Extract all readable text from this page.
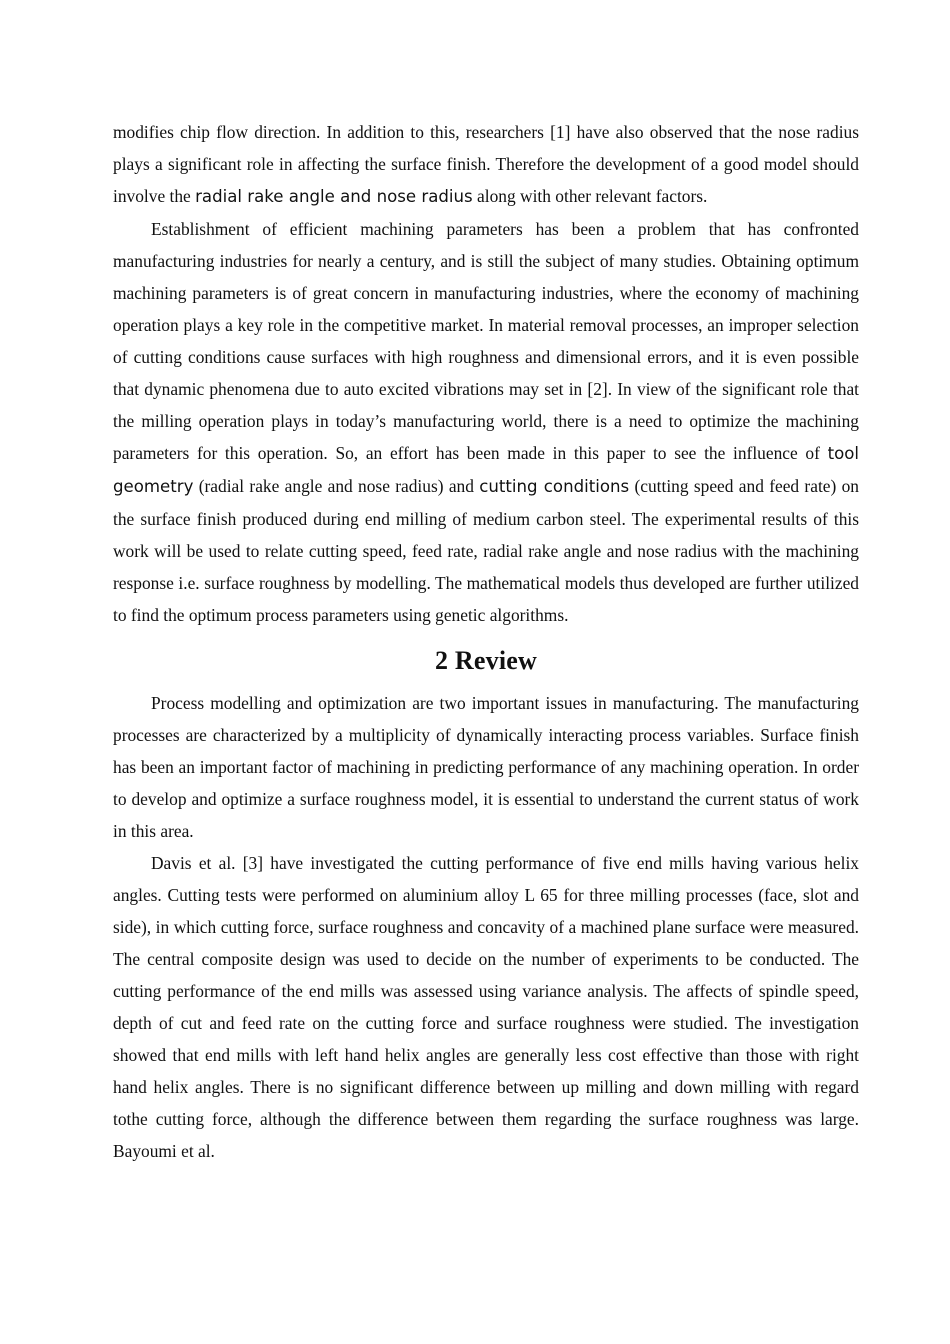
modifies chip flow direction. In addition to this, researchers [1] have also observed that the nose radius plays a significant role in affecting the surface finish. Therefore the development of a good model should involve the radial rake angle and nose radius along with other relevant factors.

Establishment of efficient machining parameters has been a problem that has confronted manufacturing industries for nearly a century, and is still the subject of many studies. Obtaining optimum machining parameters is of great concern in manufacturing industries, where the economy of machining operation plays a key role in the competitive market. In material removal processes, an improper selection of cutting conditions cause surfaces with high roughness and dimensional errors, and it is even possible that dynamic phenomena due to auto excited vibrations may set in [2]. In view of the significant role that the milling operation plays in today’s manufacturing world, there is a need to optimize the machining parameters for this operation. So, an effort has been made in this paper to see the influence of tool geometry (radial rake angle and nose radius) and cutting conditions (cutting speed and feed rate) on the surface finish produced during end milling of medium carbon steel. The experimental results of this work will be used to relate cutting speed, feed rate, radial rake angle and nose radius with the machining response i.e. surface roughness by modelling. The mathematical models thus developed are further utilized to find the optimum process parameters using genetic algorithms.

2 Review

Process modelling and optimization are two important issues in manufacturing. The manufacturing processes are characterized by a multiplicity of dynamically interacting process variables. Surface finish has been an important factor of machining in predicting performance of any machining operation. In order to develop and optimize a surface roughness model, it is essential to understand the current status of work in this area.

Davis et al. [3] have investigated the cutting performance of five end mills having various helix angles. Cutting tests were performed on aluminium alloy L 65 for three milling processes (face, slot and side), in which cutting force, surface roughness and concavity of a machined plane surface were measured. The central composite design was used to decide on the number of experiments to be conducted. The cutting performance of the end mills was assessed using variance analysis. The affects of spindle speed, depth of cut and feed rate on the cutting force and surface roughness were studied. The investigation showed that end mills with left hand helix angles are generally less cost effective than those with right hand helix angles. There is no significant difference between up milling and down milling with regard tothe cutting force, although the difference between them regarding the surface roughness was large. Bayoumi et al.
